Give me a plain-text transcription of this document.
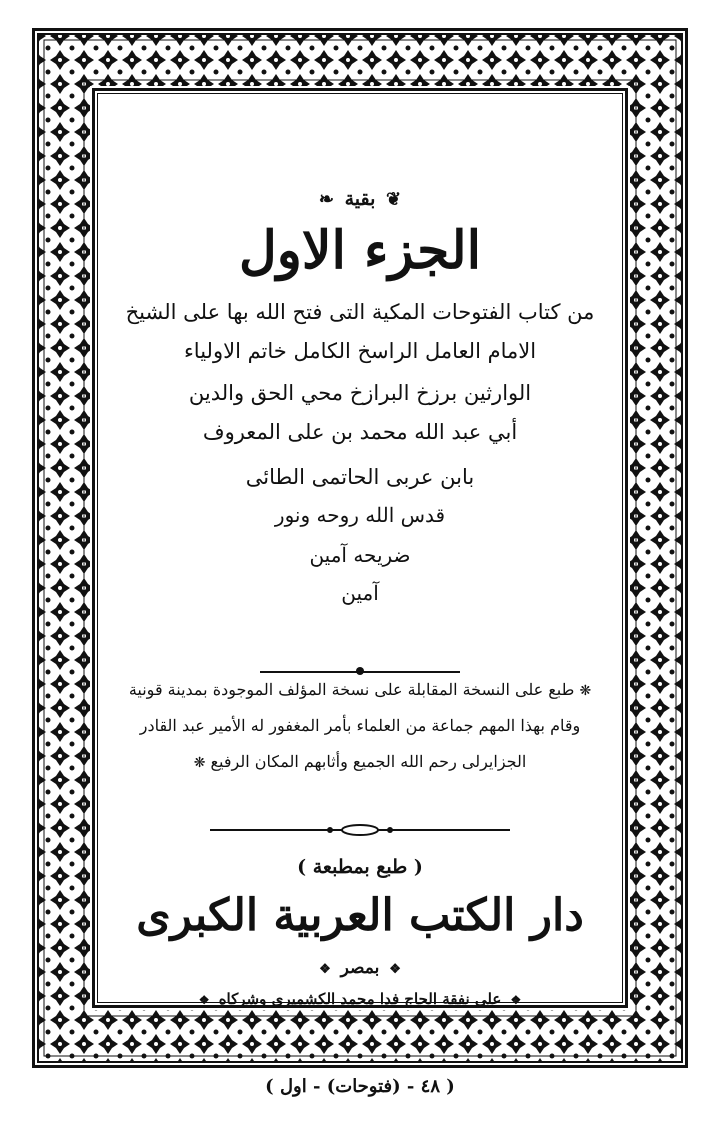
❦ بقية ❧
الجزء الاول
من كتاب الفتوحات المكية التى فتح الله بها على الشيخ
الامام العامل الراسخ الكامل خاتم الاولياء
الوارثين برزخ البرازخ محي الحق والدين
أبي عبد الله محمد بن على المعروف
بابن عربى الحاتمى الطائى
قدس الله روحه ونور
ضريحه آمين
آمين
❋ طبع على النسخة المقابلة على نسخة المؤلف الموجودة بمدينة قونية
وقام بهذا المهم جماعة من العلماء بأمر المغفور له الأمير عبد القادر
الجزايرلى رحم الله الجميع وأثابهم المكان الرفيع ❋
( طبع بمطبعة )
دار الكتب العربية الكبرى
❖ بمصر ❖
❖ على نفقة الحاج فدا محمد الكشميرى وشركاه ❖
( ٤٨ - (فتوحات) - اول )
